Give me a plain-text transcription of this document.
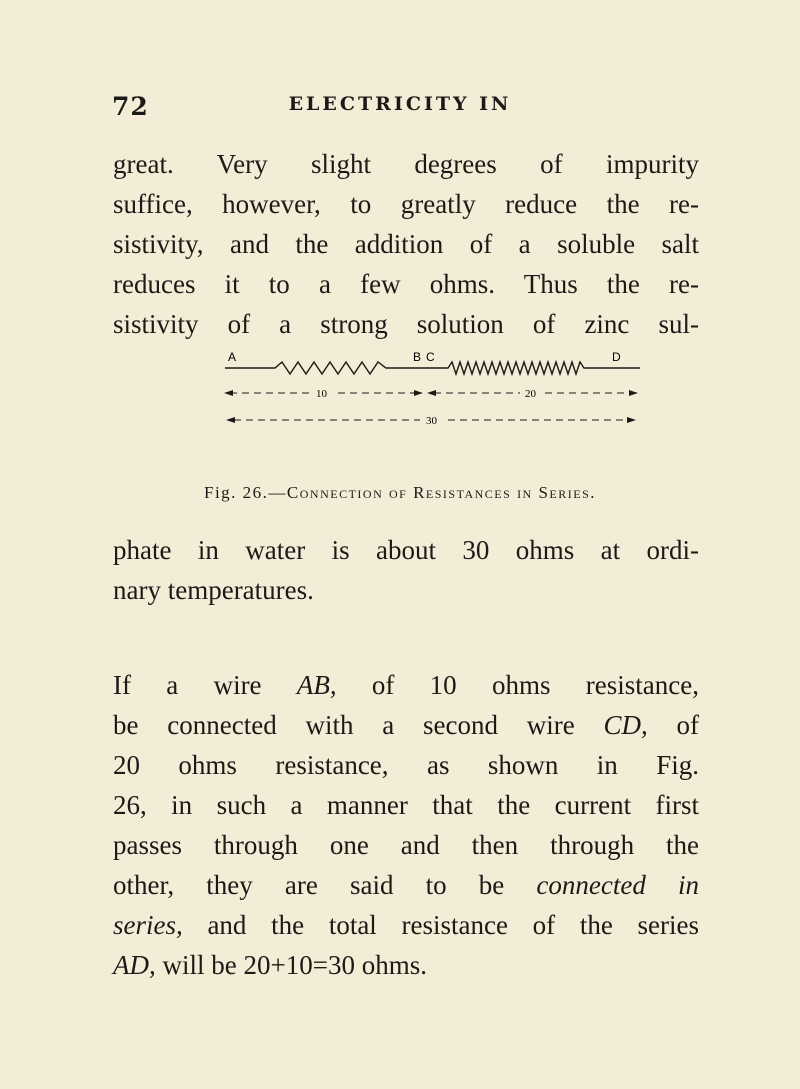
72	ELECTRICITY IN
great. Very slight degrees of impurity
suffice, however, to greatly reduce the re-
sistivity, and the addition of a soluble salt
reduces it to a few ohms. Thus the re-
sistivity of a strong solution of zinc sul-
A	B C	D
10	20
30
Fig. 26.—Connection of Resistances in Series.
phate in water is about 30 ohms at ordi-
nary temperatures.
If a wire AB, of 10 ohms resistance,
be connected with a second wire CD, of
20 ohms resistance, as shown in Fig.
26, in such a manner that the current first
passes through one and then through the
other, they are said to be connected in
series, and the total resistance of the series
AD, will be 20+10=30 ohms.
